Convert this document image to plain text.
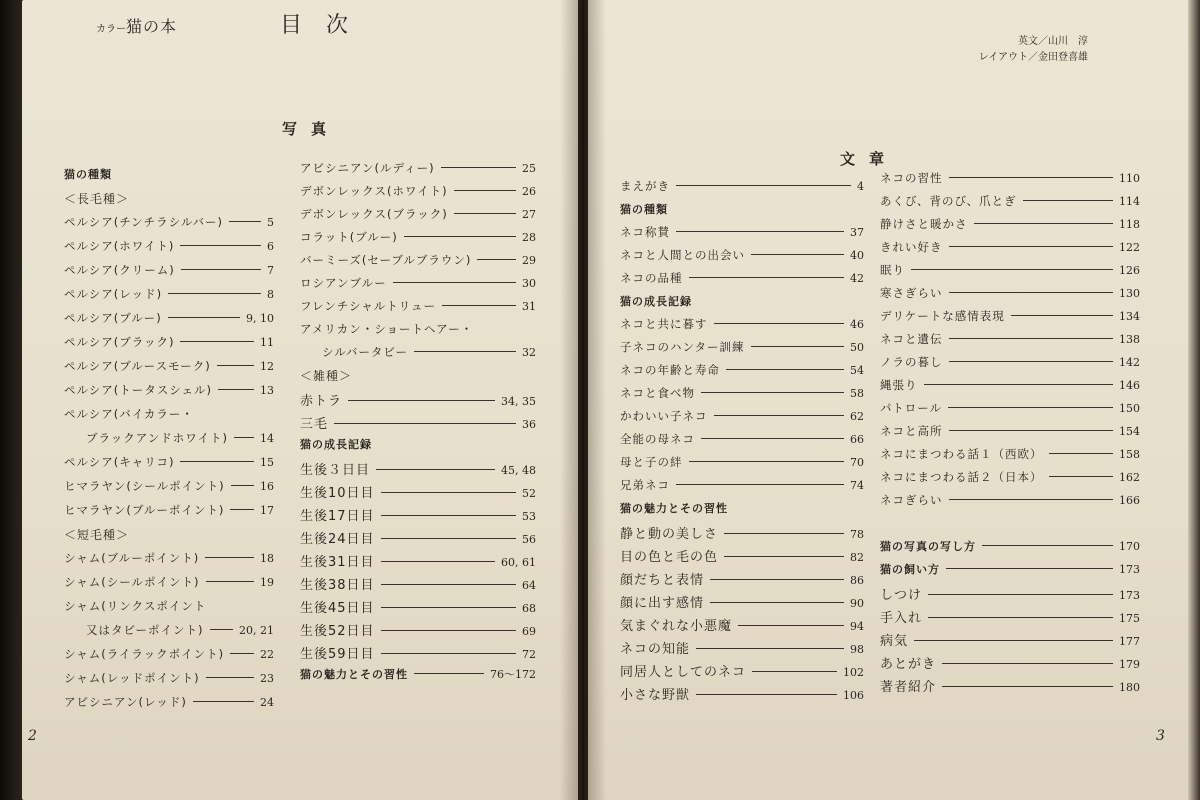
カラー猫の本	目次
英文／山川　淳
レイアウト／金田登喜雄
写真
文章
猫の種類
＜長毛種＞
ペルシア(チンチラシルバー)	5
ペルシア(ホワイト)	6
ペルシア(クリーム)	7
ペルシア(レッド)	8
ペルシア(ブルー)	9, 10
ペルシア(ブラック)	11
ペルシア(ブルースモーク)	12
ペルシア(トータスシェル)	13
ペルシア(バイカラー・
ブラックアンドホワイト)	14
ペルシア(キャリコ)	15
ヒマラヤン(シールポイント)	16
ヒマラヤン(ブルーポイント)	17
＜短毛種＞
シャム(ブルーポイント)	18
シャム(シールポイント)	19
シャム(リンクスポイント
又はタビーポイント)	20, 21
シャム(ライラックポイント)	22
シャム(レッドポイント)	23
アビシニアン(レッド)	24
アビシニアン(ルディー)	25
デボンレックス(ホワイト)	26
デボンレックス(ブラック)	27
コラット(ブルー)	28
バーミーズ(セーブルブラウン)	29
ロシアンブルー	30
フレンチシャルトリュー	31
アメリカン・ショートヘアー・
シルバータビー	32
＜雑種＞
赤トラ	34, 35
三毛	36
猫の成長記録
生後３日目	45, 48
生後10日目	52
生後17日目	53
生後24日目	56
生後31日目	60, 61
生後38日目	64
生後45日目	68
生後52日目	69
生後59日目	72
猫の魅力とその習性	76〜172
まえがき	4
猫の種類
ネコ称賛	37
ネコと人間との出会い	40
ネコの品種	42
猫の成長記録
ネコと共に暮す	46
子ネコのハンター訓練	50
ネコの年齢と寿命	54
ネコと食べ物	58
かわいい子ネコ	62
全能の母ネコ	66
母と子の絆	70
兄弟ネコ	74
猫の魅力とその習性
静と動の美しさ	78
目の色と毛の色	82
顔だちと表情	86
顔に出す感情	90
気まぐれな小悪魔	94
ネコの知能	98
同居人としてのネコ	102
小さな野獣	106
ネコの習性	110
あくび、背のび、爪とぎ	114
静けさと暖かさ	118
きれい好き	122
眠り	126
寒さぎらい	130
デリケートな感情表現	134
ネコと遺伝	138
ノラの暮し	142
縄張り	146
パトロール	150
ネコと高所	154
ネコにまつわる話１（西欧）	158
ネコにまつわる話２（日本）	162
ネコぎらい	166
猫の写真の写し方	170
猫の飼い方	173
しつけ	173
手入れ	175
病気	177
あとがき	179
著者紹介	180
2	3
